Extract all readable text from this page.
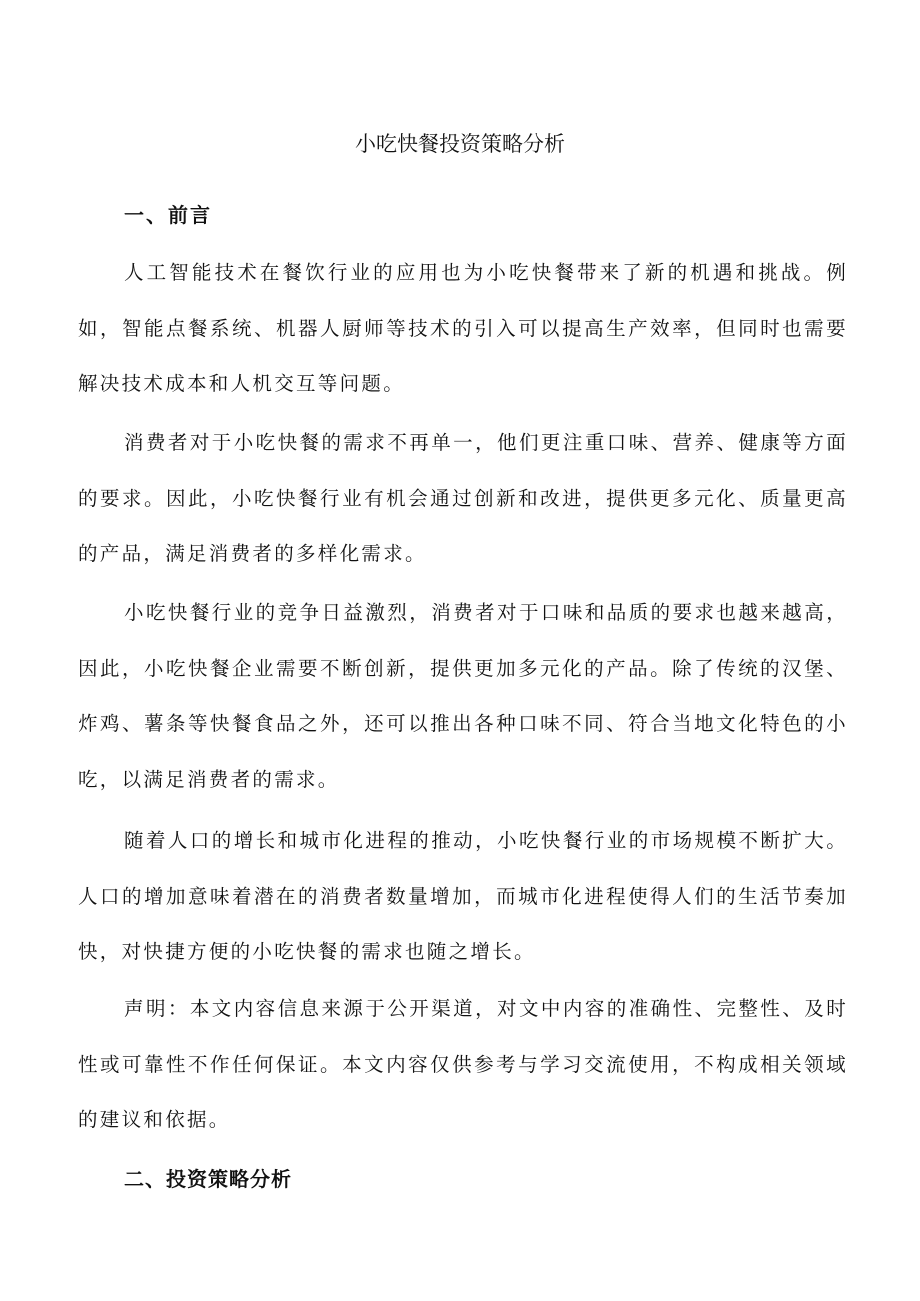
小吃快餐投资策略分析
一、前言

人工智能技术在餐饮行业的应用也为小吃快餐带来了新的机遇和挑战。例如，智能点餐系统、机器人厨师等技术的引入可以提高生产效率，但同时也需要解决技术成本和人机交互等问题。

消费者对于小吃快餐的需求不再单一，他们更注重口味、营养、健康等方面的要求。因此，小吃快餐行业有机会通过创新和改进，提供更多元化、质量更高的产品，满足消费者的多样化需求。

小吃快餐行业的竞争日益激烈，消费者对于口味和品质的要求也越来越高，因此，小吃快餐企业需要不断创新，提供更加多元化的产品。除了传统的汉堡、炸鸡、薯条等快餐食品之外，还可以推出各种口味不同、符合当地文化特色的小吃，以满足消费者的需求。

随着人口的增长和城市化进程的推动，小吃快餐行业的市场规模不断扩大。人口的增加意味着潜在的消费者数量增加，而城市化进程使得人们的生活节奏加快，对快捷方便的小吃快餐的需求也随之增长。

声明：本文内容信息来源于公开渠道，对文中内容的准确性、完整性、及时性或可靠性不作任何保证。本文内容仅供参考与学习交流使用，不构成相关领域的建议和依据。

二、投资策略分析
